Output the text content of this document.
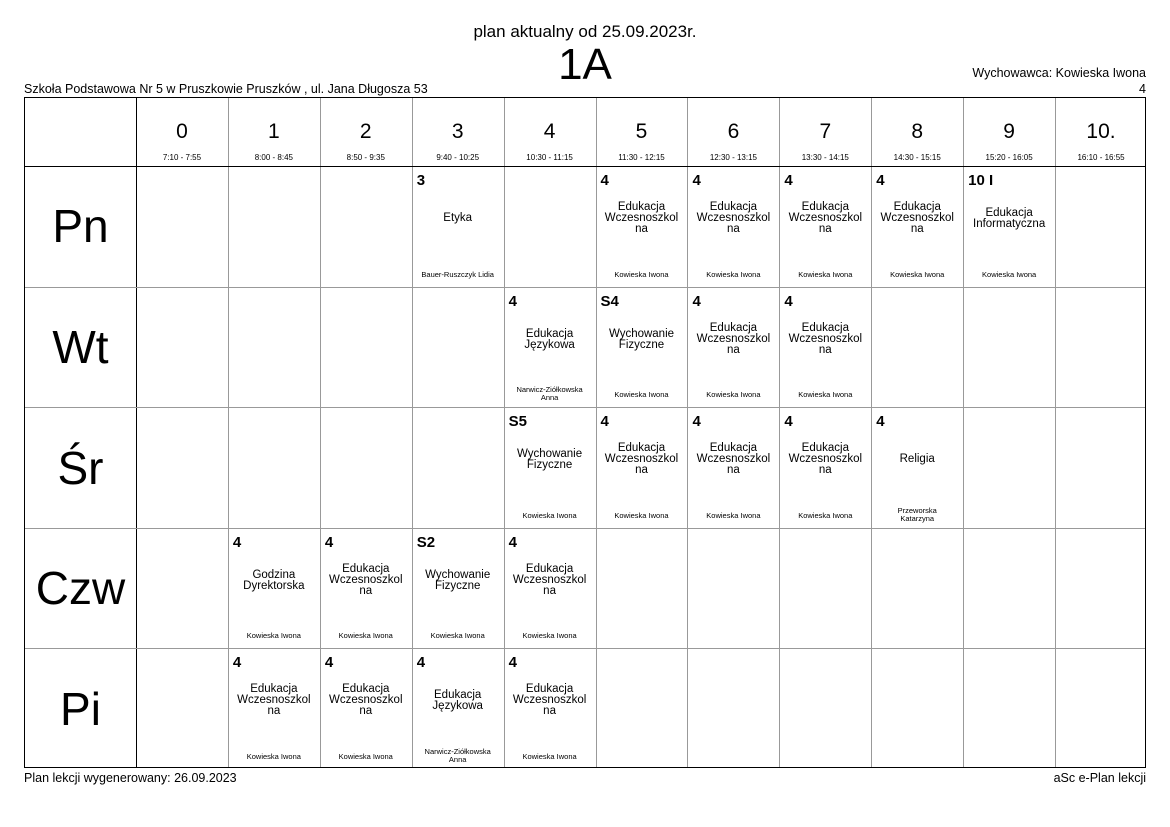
plan aktualny od 25.09.2023r.
1A
Szkoła Podstawowa Nr 5 w Pruszkowie Pruszków , ul. Jana Długosza 53
Wychowawca: Kowieska Iwona
4
0
7:10 - 7:55
1
8:00 - 8:45
2
8:50 - 9:35
3
9:40 - 10:25
4
10:30 - 11:15
5
11:30 - 12:15
6
12:30 - 13:15
7
13:30 - 14:15
8
14:30 - 15:15
9
15:20 - 16:05
10.
16:10 - 16:55
Pn
Wt
Śr
Czw
Pi
3
Etyka
Bauer-Ruszczyk Lidia
4
Edukacja
Wczesnoszkol
na
Kowieska Iwona
4
Edukacja
Wczesnoszkol
na
Kowieska Iwona
4
Edukacja
Wczesnoszkol
na
Kowieska Iwona
4
Edukacja
Wczesnoszkol
na
Kowieska Iwona
10 I
Edukacja
Informatyczna
Kowieska Iwona
4
Edukacja
Językowa
Narwicz-Ziółkowska
Anna
S4
Wychowanie
Fizyczne
Kowieska Iwona
4
Edukacja
Wczesnoszkol
na
Kowieska Iwona
4
Edukacja
Wczesnoszkol
na
Kowieska Iwona
S5
Wychowanie
Fizyczne
Kowieska Iwona
4
Edukacja
Wczesnoszkol
na
Kowieska Iwona
4
Edukacja
Wczesnoszkol
na
Kowieska Iwona
4
Edukacja
Wczesnoszkol
na
Kowieska Iwona
4
Religia
Przeworska
Katarzyna
4
Godzina
Dyrektorska
Kowieska Iwona
4
Edukacja
Wczesnoszkol
na
Kowieska Iwona
S2
Wychowanie
Fizyczne
Kowieska Iwona
4
Edukacja
Wczesnoszkol
na
Kowieska Iwona
4
Edukacja
Wczesnoszkol
na
Kowieska Iwona
4
Edukacja
Wczesnoszkol
na
Kowieska Iwona
4
Edukacja
Językowa
Narwicz-Ziółkowska
Anna
4
Edukacja
Wczesnoszkol
na
Kowieska Iwona
Plan lekcji wygenerowany: 26.09.2023	aSc e-Plan lekcji
